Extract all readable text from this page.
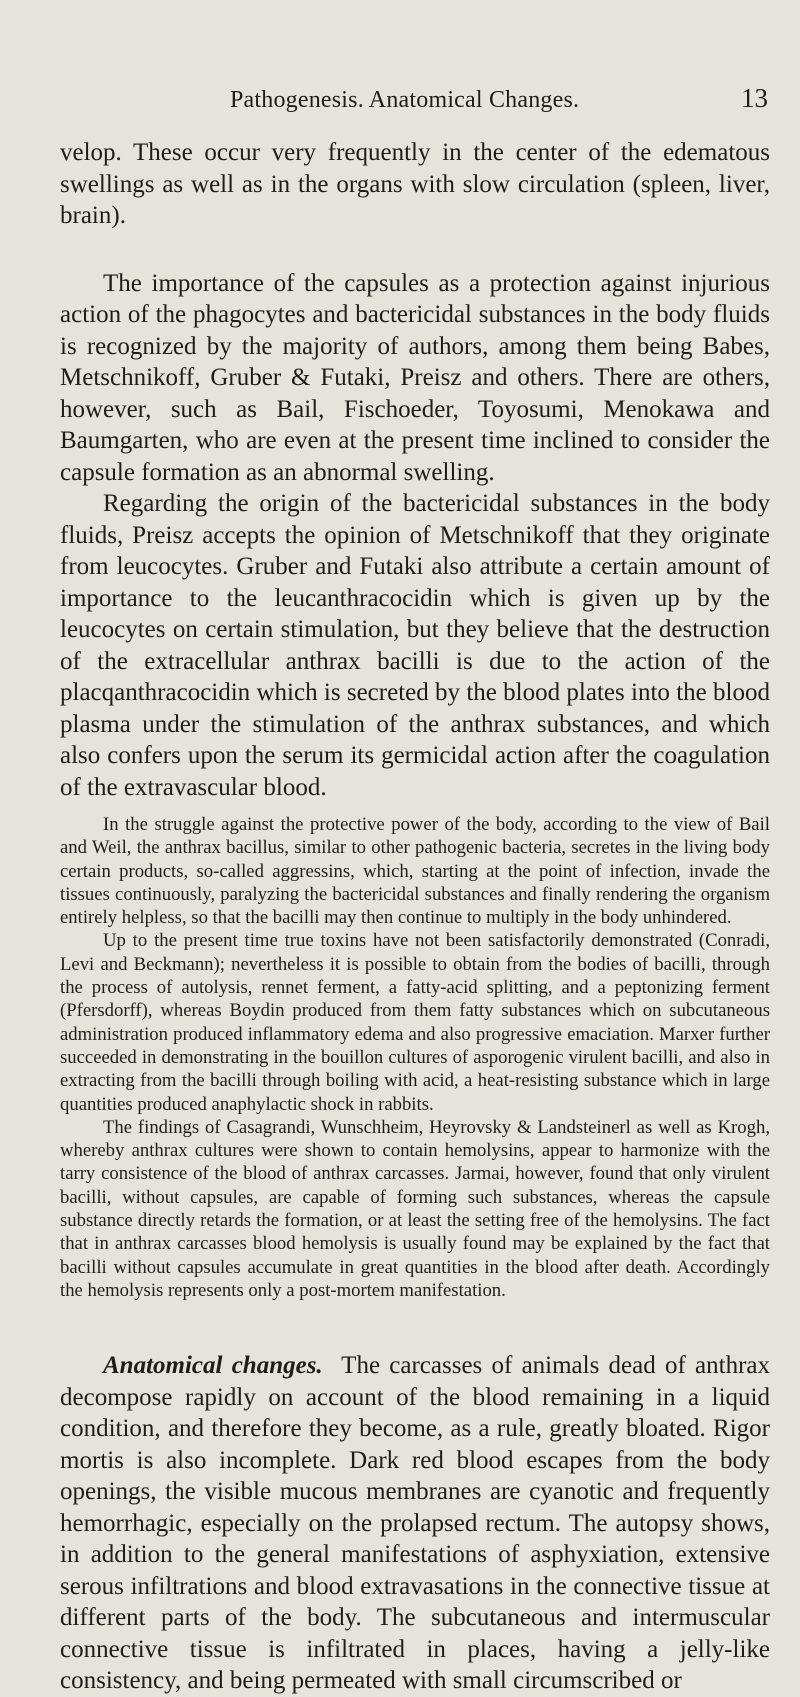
Pathogenesis. Anatomical Changes.	13

velop. These occur very frequently in the center of the edematous swellings as well as in the organs with slow circulation (spleen, liver, brain).

The importance of the capsules as a protection against injurious action of the phagocytes and bactericidal substances in the body fluids is recognized by the majority of authors, among them being Babes, Metschnikoff, Gruber & Futaki, Preisz and others. There are others, however, such as Bail, Fischoeder, Toyosumi, Menokawa and Baumgarten, who are even at the present time inclined to consider the capsule formation as an abnormal swelling.

Regarding the origin of the bactericidal substances in the body fluids, Preisz accepts the opinion of Metschnikoff that they originate from leucocytes. Gruber and Futaki also attribute a certain amount of importance to the leucanthracocidin which is given up by the leucocytes on certain stimulation, but they believe that the destruction of the extracellular anthrax bacilli is due to the action of the placqanthracocidin which is secreted by the blood plates into the blood plasma under the stimulation of the anthrax substances, and which also confers upon the serum its germicidal action after the coagulation of the extravascular blood.

In the struggle against the protective power of the body, according to the view of Bail and Weil, the anthrax bacillus, similar to other pathogenic bacteria, secretes in the living body certain products, so-called aggressins, which, starting at the point of infection, invade the tissues continuously, paralyzing the bactericidal substances and finally rendering the organism entirely helpless, so that the bacilli may then continue to multiply in the body unhindered.

Up to the present time true toxins have not been satisfactorily demonstrated (Conradi, Levi and Beckmann); nevertheless it is possible to obtain from the bodies of bacilli, through the process of autolysis, rennet ferment, a fatty-acid splitting, and a peptonizing ferment (Pfersdorff), whereas Boydin produced from them fatty substances which on subcutaneous administration produced inflammatory edema and also progressive emaciation. Marxer further succeeded in demonstrating in the bouillon cultures of asporogenic virulent bacilli, and also in extracting from the bacilli through boiling with acid, a heat-resisting substance which in large quantities produced anaphylactic shock in rabbits.

The findings of Casagrandi, Wunschheim, Heyrovsky & Landsteinerl as well as Krogh, whereby anthrax cultures were shown to contain hemolysins, appear to harmonize with the tarry consistence of the blood of anthrax carcasses. Jarmai, however, found that only virulent bacilli, without capsules, are capable of forming such substances, whereas the capsule substance directly retards the formation, or at least the setting free of the hemolysins. The fact that in anthrax carcasses blood hemolysis is usually found may be explained by the fact that bacilli without capsules accumulate in great quantities in the blood after death. Accordingly the hemolysis represents only a post-mortem manifestation.

Anatomical changes. The carcasses of animals dead of anthrax decompose rapidly on account of the blood remaining in a liquid condition, and therefore they become, as a rule, greatly bloated. Rigor mortis is also incomplete. Dark red blood escapes from the body openings, the visible mucous membranes are cyanotic and frequently hemorrhagic, especially on the prolapsed rectum. The autopsy shows, in addition to the general manifestations of asphyxiation, extensive serous infiltrations and blood extravasations in the connective tissue at different parts of the body. The subcutaneous and intermuscular connective tissue is infiltrated in places, having a jelly-like consistency, and being permeated with small circumscribed or
